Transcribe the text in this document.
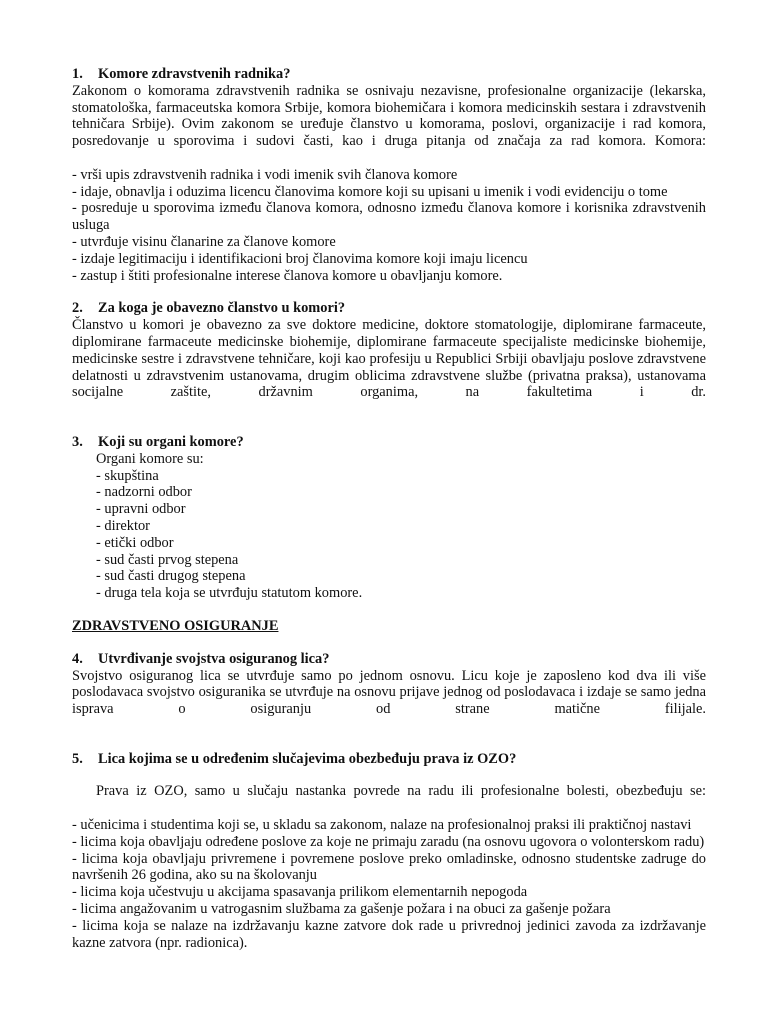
1.	Komore zdravstvenih radnika?
Zakonom o komorama zdravstvenih radnika se osnivaju nezavisne, profesionalne organizacije (lekarska, stomatološka, farmaceutska komora Srbije, komora biohemičara i komora medicinskih sestara i zdravstvenih tehničara Srbije). Ovim zakonom se uređuje članstvo u komorama, poslovi, organizacije i rad komora, posredovanje u sporovima i sudovi časti, kao i druga pitanja od značaja za rad komora. Komora:
- vrši upis zdravstvenih radnika i vodi imenik svih članova komore
- idaje, obnavlja i oduzima licencu članovima komore koji su upisani u imenik i vodi evidenciju o tome
- posreduje u sporovima između članova komora, odnosno između članova komore i korisnika zdravstvenih usluga
- utvrđuje visinu članarine za članove komore
- izdaje legitimaciju i identifikacioni broj članovima komore koji imaju licencu
- zastup i štiti profesionalne interese članova komore u obavljanju komore.
2.	Za koga je obavezno članstvo u komori?
Članstvo u komori je obavezno za sve doktore medicine, doktore stomatologije, diplomirane farmaceute, diplomirane farmaceute medicinske biohemije, diplomirane farmaceute specijaliste medicinske biohemije, medicinske sestre i zdravstvene tehničare, koji kao profesiju u Republici Srbiji obavljaju poslove zdravstvene delatnosti u zdravstvenim ustanovama, drugim oblicima zdravstvene službe (privatna praksa), ustanovama socijalne zaštite, državnim organima, na fakultetima i dr.
3.	Koji su organi komore?
Organi komore su:
- skupština
- nadzorni odbor
- upravni odbor
- direktor
- etički odbor
- sud časti prvog stepena
- sud časti drugog stepena
- druga tela koja se utvrđuju statutom komore.
ZDRAVSTVENO OSIGURANJE
4.	Utvrđivanje svojstva osiguranog lica?
Svojstvo osiguranog lica se utvrđuje samo po jednom osnovu. Licu koje je zaposleno kod dva ili više poslodavaca svojstvo osiguranika se utvrđuje na osnovu prijave jednog od poslodavaca i izdaje se samo jedna isprava o osiguranju od strane matične filijale.
5.	Lica kojima se u određenim slučajevima obezbeđuju prava iz OZO?
Prava iz OZO, samo u slučaju nastanka povrede na radu ili profesionalne bolesti, obezbeđuju se:
- učenicima i studentima koji se, u skladu sa zakonom, nalaze na profesionalnoj praksi ili praktičnoj nastavi
- licima koja obavljaju određene poslove za koje ne primaju zaradu (na osnovu ugovora o volonterskom radu)
- licima koja obavljaju privremene i povremene poslove preko omladinske, odnosno studentske zadruge do navršenih 26 godina, ako su na školovanju
- licima koja učestvuju u akcijama spasavanja prilikom elementarnih nepogoda
- licima angažovanim u vatrogasnim službama za gašenje požara i na obuci za gašenje požara
- licima koja se nalaze na izdržavanju kazne zatvore dok rade u privrednoj jedinici zavoda za izdržavanje kazne zatvora (npr. radionica).
